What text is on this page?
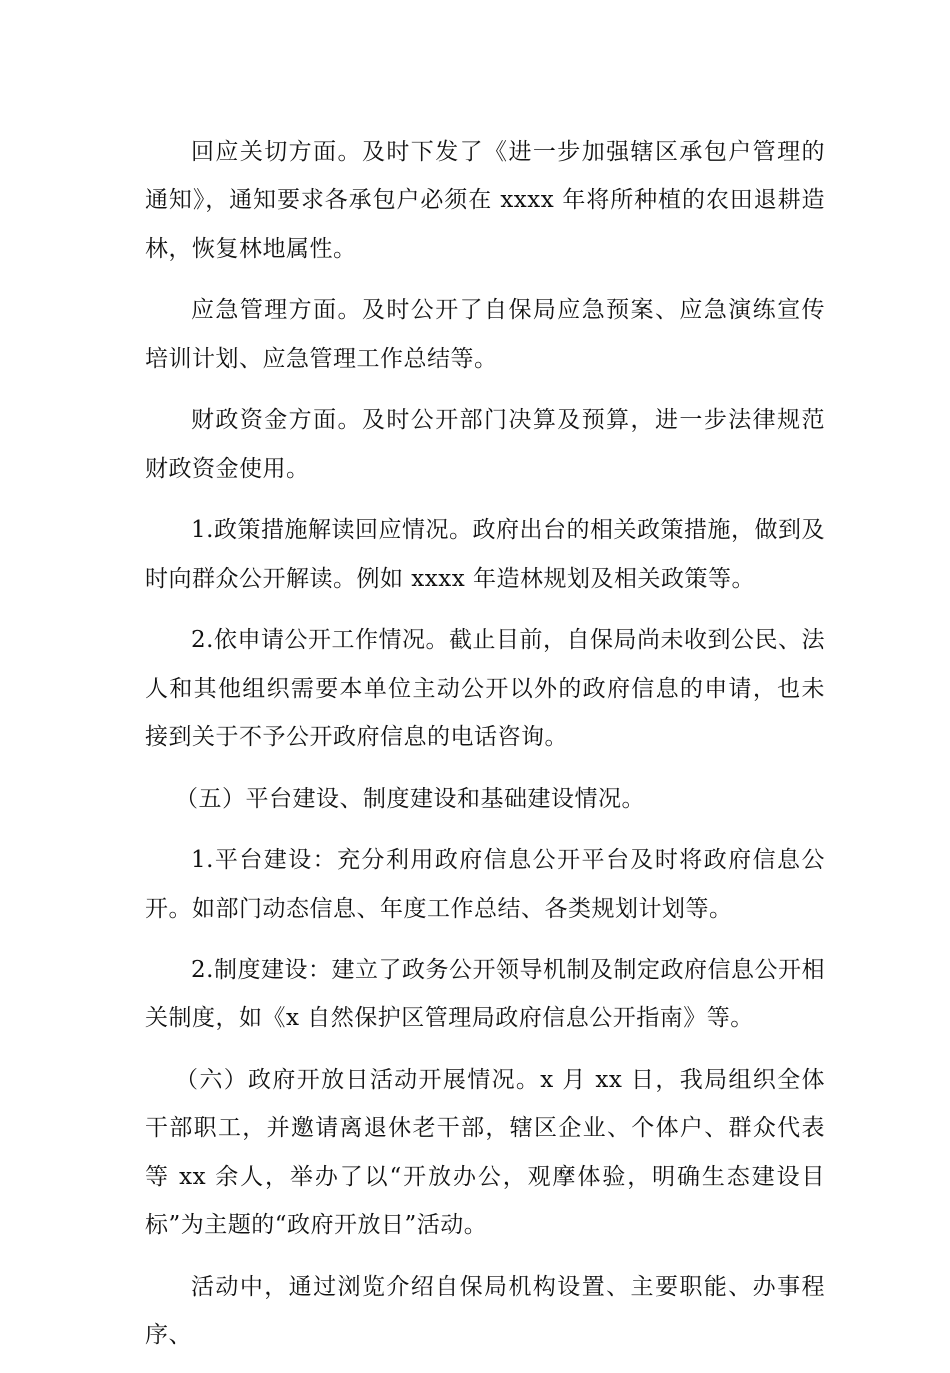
回应关切方面。及时下发了《进一步加强辖区承包户管理的通知》，通知要求各承包户必须在 xxxx 年将所种植的农田退耕造林，恢复林地属性。

应急管理方面。及时公开了自保局应急预案、应急演练宣传培训计划、应急管理工作总结等。

财政资金方面。及时公开部门决算及预算，进一步法律规范财政资金使用。

1.政策措施解读回应情况。政府出台的相关政策措施，做到及时向群众公开解读。例如 xxxx 年造林规划及相关政策等。

2.依申请公开工作情况。截止目前，自保局尚未收到公民、法人和其他组织需要本单位主动公开以外的政府信息的申请，也未接到关于不予公开政府信息的电话咨询。

（五）平台建设、制度建设和基础建设情况。

1.平台建设：充分利用政府信息公开平台及时将政府信息公开。如部门动态信息、年度工作总结、各类规划计划等。

2.制度建设：建立了政务公开领导机制及制定政府信息公开相关制度，如《x 自然保护区管理局政府信息公开指南》等。

（六）政府开放日活动开展情况。x 月 xx 日，我局组织全体干部职工，并邀请离退休老干部，辖区企业、个体户、群众代表等 xx 余人，举办了以“开放办公，观摩体验，明确生态建设目标”为主题的“政府开放日”活动。

活动中，通过浏览介绍自保局机构设置、主要职能、办事程序、
